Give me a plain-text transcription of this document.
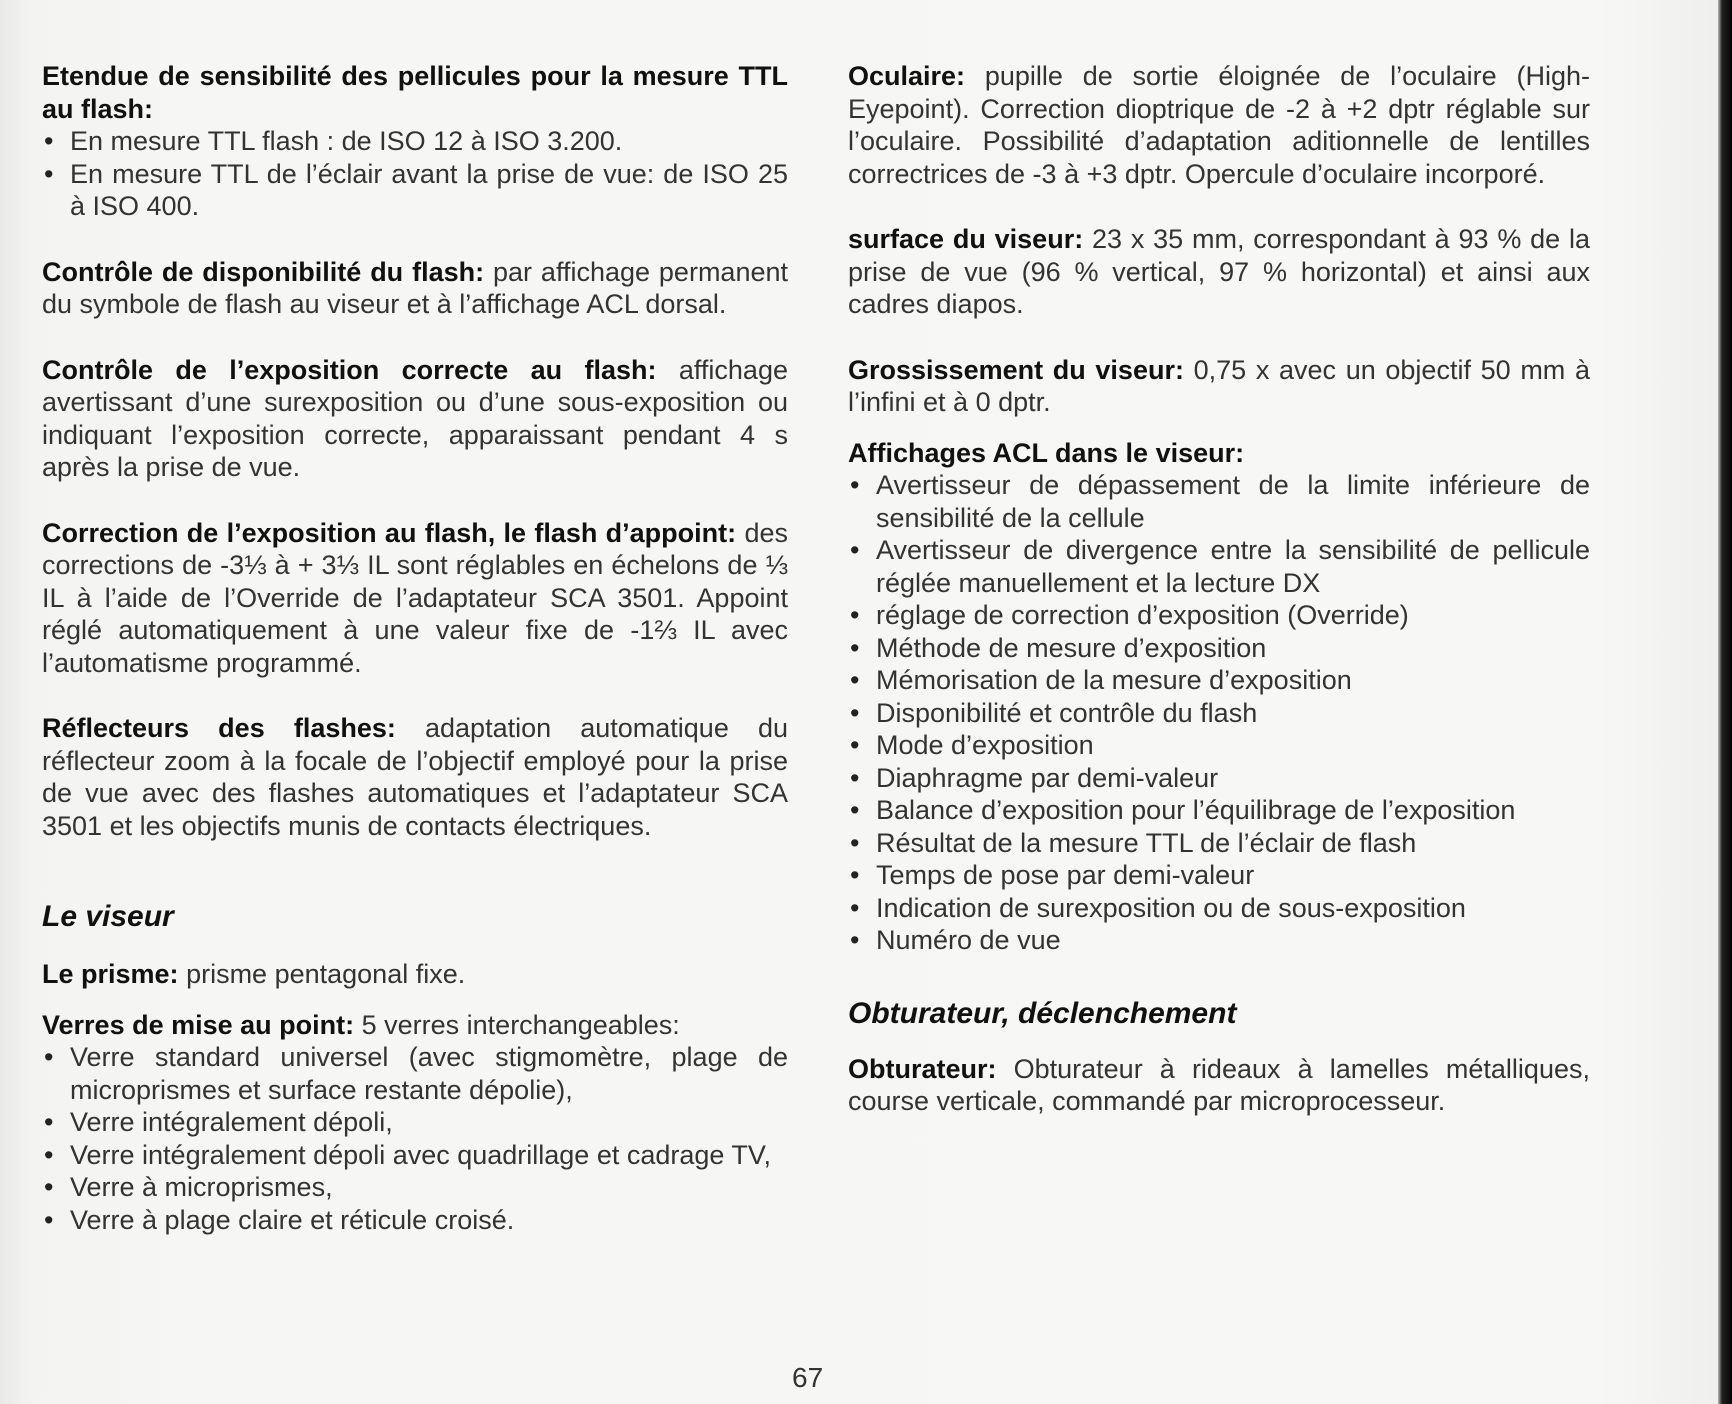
Etendue de sensibilité des pellicules pour la mesure TTL au flash:
• En mesure TTL flash : de ISO 12 à ISO 3.200.
• En mesure TTL de l’éclair avant la prise de vue: de ISO 25 à ISO 400.

Contrôle de disponibilité du flash: par affichage permanent du symbole de flash au viseur et à l’affichage ACL dorsal.

Contrôle de l’exposition correcte au flash: affichage avertissant d’une surexposition ou d’une sous-exposition ou indiquant l’exposition correcte, apparaissant pendant 4 s après la prise de vue.

Correction de l’exposition au flash, le flash d’appoint: des corrections de -3⅓ à + 3⅓ IL sont réglables en échelons de ⅓ IL à l’aide de l’Override de l’adaptateur SCA 3501. Appoint réglé automatiquement à une valeur fixe de -1⅔ IL avec l’automatisme programmé.

Réflecteurs des flashes: adaptation automatique du réflecteur zoom à la focale de l’objectif employé pour la prise de vue avec des flashes automatiques et l’adaptateur SCA 3501 et les objectifs munis de contacts électriques.

Le viseur

Le prisme: prisme pentagonal fixe.

Verres de mise au point: 5 verres interchangeables:
• Verre standard universel (avec stigmomètre, plage de microprismes et surface restante dépolie),
• Verre intégralement dépoli,
• Verre intégralement dépoli avec quadrillage et cadrage TV,
• Verre à microprismes,
• Verre à plage claire et réticule croisé.

Oculaire: pupille de sortie éloignée de l’oculaire (High-Eyepoint). Correction dioptrique de -2 à +2 dptr réglable sur l’oculaire. Possibilité d’adaptation aditionnelle de lentilles correctrices de -3 à +3 dptr. Opercule d’oculaire incorporé.

surface du viseur: 23 x 35 mm, correspondant à 93 % de la prise de vue (96 % vertical, 97 % horizontal) et ainsi aux cadres diapos.

Grossissement du viseur: 0,75 x avec un objectif 50 mm à l’infini et à 0 dptr.

Affichages ACL dans le viseur:
• Avertisseur de dépassement de la limite inférieure de sensibilité de la cellule
• Avertisseur de divergence entre la sensibilité de pellicule réglée manuellement et la lecture DX
• réglage de correction d’exposition (Override)
• Méthode de mesure d’exposition
• Mémorisation de la mesure d’exposition
• Disponibilité et contrôle du flash
• Mode d’exposition
• Diaphragme par demi-valeur
• Balance d’exposition pour l’équilibrage de l’exposition
• Résultat de la mesure TTL de l’éclair de flash
• Temps de pose par demi-valeur
• Indication de surexposition ou de sous-exposition
• Numéro de vue
Obturateur, déclenchement

Obturateur: Obturateur à rideaux à lamelles métalliques, course verticale, commandé par microprocesseur.

67
